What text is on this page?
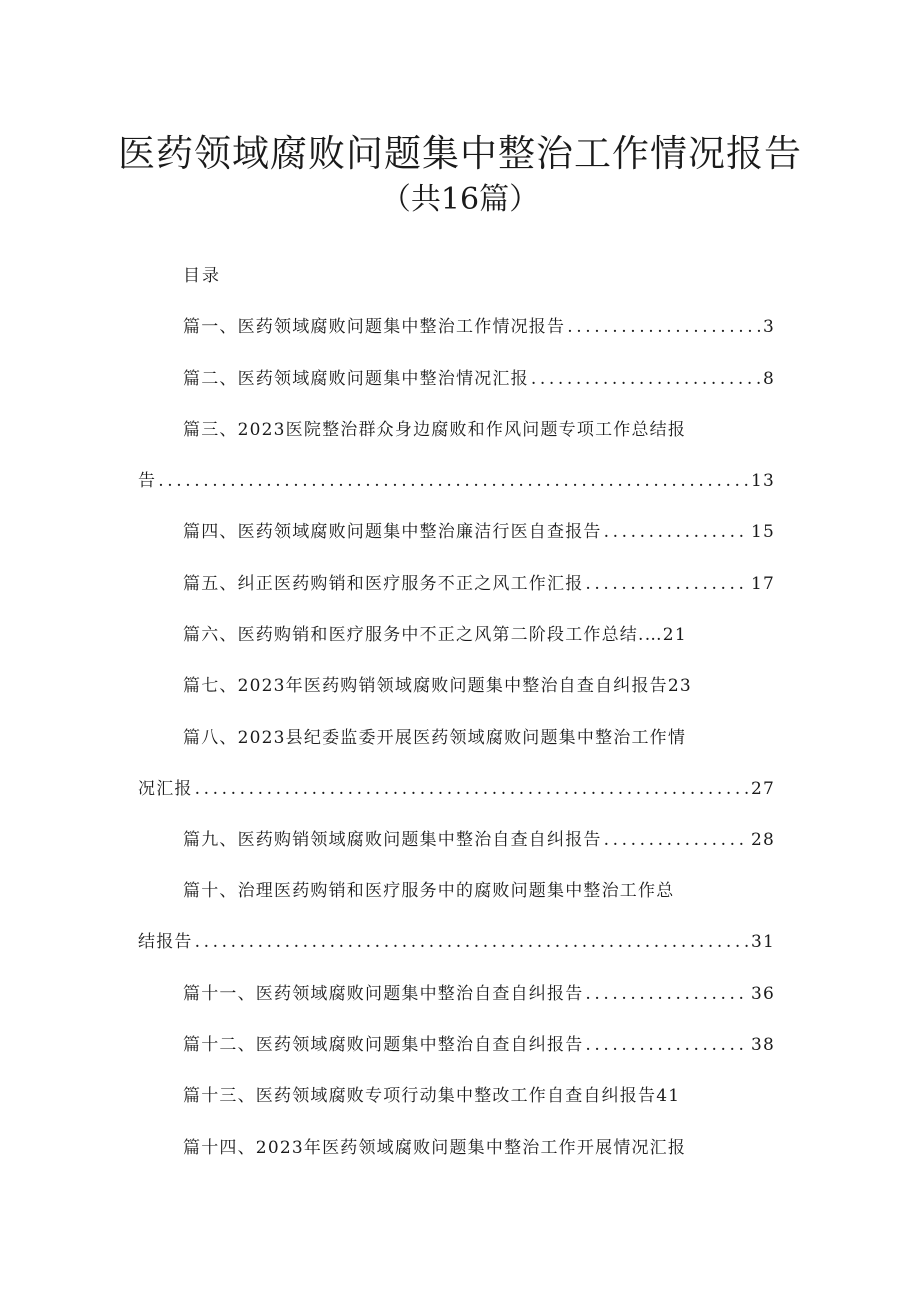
医药领域腐败问题集中整治工作情况报告
（共16篇）
目录
篇一、医药领域腐败问题集中整治工作情况报告 .....	3
篇二、医药领域腐败问题集中整治情况汇报 .....	8
篇三、2023医院整治群众身边腐败和作风问题专项工作总结报
告 .....	13
篇四、医药领域腐败问题集中整治廉洁行医自查报告 .....	15
篇五、纠正医药购销和医疗服务不正之风工作汇报 .....	17
篇六、医药购销和医疗服务中不正之风第二阶段工作总结.…21
篇七、2023年医药购销领域腐败问题集中整治自查自纠报告23
篇八、2023县纪委监委开展医药领域腐败问题集中整治工作情
况汇报 .....	27
篇九、医药购销领域腐败问题集中整治自查自纠报告 .....	28
篇十、治理医药购销和医疗服务中的腐败问题集中整治工作总
结报告 .....	31
篇十一、医药领域腐败问题集中整治自查自纠报告 .....	36
篇十二、医药领域腐败问题集中整治自查自纠报告 .....	38
篇十三、医药领域腐败专项行动集中整改工作自查自纠报告41
篇十四、2023年医药领域腐败问题集中整治工作开展情况汇报
